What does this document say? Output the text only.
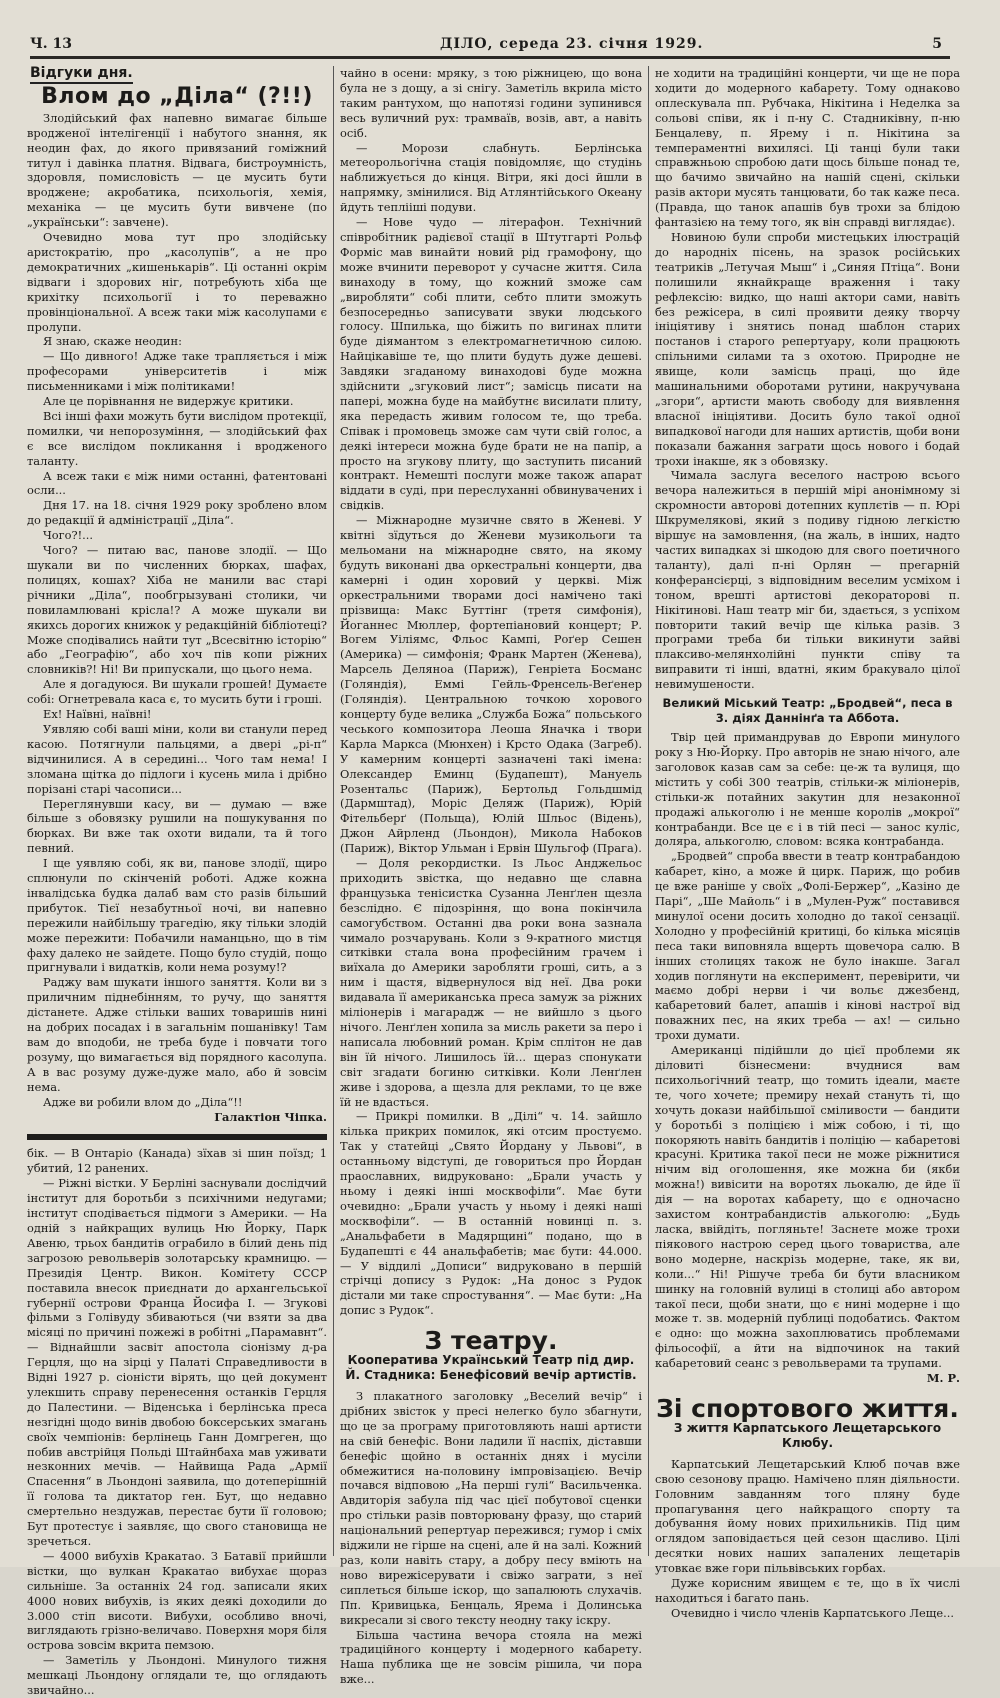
Ч. 13	ДІЛО, середа 23. січня 1929.	5
Відгуки дня.
Влом до „Діла“ (?!!)

Злодійський фах напевно вимагає більше вродженої інтелігенції і набутого знання, як неодин фах, до якого привязаний гоміжний титул і давінка платня. Відвага, бистроумність, здоровля, помисловість — це мусить бути вроджене; акробатика, психольогія, хемія, механіка — це мусить бути вивчене (по „українськи“: завчене).

Очевидно мова тут про злодійську аристократію, про „касолупів“, а не про демократичних „кишенькарів“. Ці останні окрім відваги і здорових ніг, потребують хіба ще крихітку психольогії і то переважно провінціональної. А всеж таки між касолупами є пролупи.

Я знаю, скаже неодин:

— Що дивного! Адже таке трапляється і між професорами університетів і між письменниками і між політиками!

Але це порівнання не видержує критики.

Всі інші фахи можуть бути вислідом протекції, помилки, чи непорозуміння, — злодійський фах є все вислідом покликання і вродженого таланту.

А всеж таки є між ними останні, фатентовані осли...

Дня 17. на 18. січня 1929 року зроблено влом до редакції й адміністрації „Діла“.

Чого?!...

Чого? — питаю вас, панове злодії. — Що шукали ви по численних бюрках, шафах, полицях, кошах? Хіба не манили вас старі річники „Діла“, пообгрызувані столики, чи повиламлювані крісла!? А може шукали ви якихсь дорогих книжок у редакційній бібліотеці? Може сподівались найти тут „Всесвітню історію“ або „Географію“, або хоч пів копи ріжних словників?! Ні! Ви припускали, що цього нема.

Але я догадуюся. Ви шукали грошей! Думаєте собі: Огнетревала каса є, то мусить бути і гроші.

Ех! Наївні, наївні!

Уявляю собі ваші міни, коли ви станули перед касою. Потягнули пальцями, а двері „рі-п“ відчинилися. А в середині... Чого там нема! І зломана щітка до підлоги і кусень мила і дрібно порізані старі часописи...

Переглянувши касу, ви — думаю — вже більше з обовязку рушили на пошукування по бюрках. Ви вже так охоти видали, та й того певний.

І ще уявляю собі, як ви, панове злодії, щиро сплюнули по скінченій роботі. Адже кожна інвалідська будка далаб вам сто разів більший прибуток. Тієї незабутньої ночі, ви напевно пережили найбільшу трагедію, яку тільки злодій може пережити: Побачили наманцьно, що в тім фаху далеко не зайдете. Пощо було студій, пощо пригнували і видатків, коли нема розуму!?

Раджу вам шукати іншого заняття. Коли ви з приличним піднебінням, то ручу, що заняття дістанете. Адже стільки ваших товаришів нині на добрих посадах і в загальнім пошанівку! Там вам до вподоби, не треба буде і повчати того розуму, що вимагається від порядного касолупа. А в вас розуму дуже-дуже мало, або й зовсім нема.

Адже ви робили влом до „Діла“!!

Галактіон Чіпка.

бік. — В Онтаріо (Канада) зїхав зі шин поїзд; 1 убитий, 12 ранених.

— Ріжні вістки. У Берліні заснували дослідчий інститут для боротьби з психічними недугами; інститут сподівається підмоги з Америки. — На одній з найкращих вулиць Ню Йорку, Парк Авеню, трьох бандитів ограбило в білий день під загрозою револьверів золотарську крамницю. — Президія Центр. Викон. Комітету СССР поставила внесок приєднати до архангельської губернії острови Франца Йосифа І. — Згукові фільми з Голівуду збиваються (чи взяти за два місяці по причині пожежі в робітні „Парамавнт“. — Віднайшли засвіт апостола сіонізму д-ра Герцля, що на зірці у Палаті Справедливости в Відні 1927 р. сіоністи вірять, що цей документ улекшить справу перенесення останків Герцля до Палестини. — Віденська і берлінська преса незгідні щодо винів двобою боксерських змагань своїх чемпіонів: берлінець Ганн Домгреген, що побив австрійця Польді Штайнбаха мав уживати незконних мечів. — Найвища Рада „Армії Спасення“ в Льондоні заявила, що дотеперішній її голова та диктатор ген. Бут, що недавно смертельно нездужав, перестає бути її головою; Бут протестує і заявляє, що свого становища не зречеться.

— 4000 вибухів Кракатао. З Батавії прийшли вістки, що вулкан Кракатао вибухає щораз сильніше. За останніх 24 год. записали яких 4000 нових вибухів, із яких деякі доходили до 3.000 стіп висоти. Вибухи, особливо вночі, виглядають грізно-величаво. Поверхня моря біля острова зовсім вкрита пемзою.

— Заметіль у Льондоні. Минулого тижня мешкаці Льондону оглядали те, що оглядають звичайно...

чайно в осени: мряку, з тою ріжницею, що вона була не з дощу, а зі снігу. Заметіль вкрила місто таким рантухом, що напотязі години зупинився весь вуличний рух: трамваїв, возів, авт, а навіть осіб.

— Морози слабнуть. Берлінська метеорольогічна стація повідомляє, що студінь наближується до кінця. Вітри, які досі йшли в напрямку, змінилися. Від Атлянтійського Океану йдуть теплііші подуви.

— Нове чудо — літерафон. Технічний співробітник радієвої стації в Штутгарті Рольф Форміс мав винайти новий рід грамофону, що може вчинити переворот у сучасне життя. Сила винаходу в тому, що кожний зможе сам „виробляти“ собі плити, себто плити зможуть безпосередньо записувати звуки людського голосу. Шпилька, що біжить по вигинах плити буде діямантом з електромагнетичною силою. Найцікавіше те, що плити будуть дуже дешеві. Завдяки згаданому винаходові буде можна здійснити „згуковий лист“; замісць писати на папері, можна буде на майбутнє висилати плиту, яка передасть живим голосом те, що треба. Співак і промовець зможе сам чути свій голос, а деякі інтереси можна буде брати не на папір, а просто на згукову плиту, що заступить писаний контракт. Немешті послуги може також апарат віддати в суді, при переслуханні обвинувачених і свідків.

— Міжнародне музичне свято в Женеві. У квітні зїдуться до Женеви музикольоги та мельомани на міжнародне свято, на якому будуть виконані два оркестральні концерти, два камерні і один хоровий у церкві. Між оркестральними творами досі намічено такі прізвища: Макс Буттінг (третя симфонія), Йоганнес Мюллер, фортепіановий концерт; Р. Вогем Уіліямс, Фльос Кампі, Роґер Сешен (Америка) — симфонія; Франк Мартен (Женева), Марсель Деляноа (Париж), Генріета Босманс (Голяндія), Еммі Гейль-Френсель-Веґенер (Голяндія). Центральною точкою хорового концерту буде велика „Служба Божа“ польського чеського композитора Леоша Яначка і твори Карла Маркса (Мюнхен) і Крсто Одака (Загреб). У камерним концерті зазначені такі імена: Олександер Еминц (Будапешт), Мануель Розентальс (Париж), Бертольд Гольдшмід (Дармштад), Моріс Деляж (Париж), Юрій Фітельберґ (Польща), Юлій Шльос (Відень), Джон Айрленд (Льондон), Микола Набоков (Париж), Віктор Ульман і Ервін Шульгоф (Прага).

— Доля рекордистки. Із Льос Анджельос приходить звістка, що недавно ще славна французька тенісистка Сузанна Ленґлен щезла безслідно. Є підозріння, що вона покінчила самогубством. Останні два роки вона зазнала чимало розчарувань. Коли з 9-кратного мистця ситківки стала вона професійним грачем і виїхала до Америки заробляти гроші, сить, а з ним і щастя, відвернулося від неї. Два роки видавала її американська преса замуж за ріжних міліонерів і магарадж — не вийшло з цього нічого. Ленґлен хопила за мисль ракети за перо і написала любовний роман. Крім сплітон не дав він їй нічого. Лишилось їй... щераз спонукати світ згадати богиню ситківки. Коли Ленґлен живе і здорова, а щезла для реклами, то це вже їй не вдасться.

— Прикрі помилки. В „Ділі“ ч. 14. зайшло кілька прикрих помилок, які отсим простуємо. Так у статейці „Свято Йордану у Львові“, в останньому відступі, де говориться про Йордан праославних, видруковано: „Брали участь у ньому і деякі інші москвофіли“. Має бути очевидно: „Брали участь у ньому і деякі наші москвофіли“. — В останній новинці п. з. „Анальфабети в Мадярщині“ подано, що в Будапешті є 44 анальфабетів; має бути: 44.000. — У віддилі „Дописи“ видруковано в першій стрічці допису з Рудок: „На донос з Рудок дістали ми таке спростування“. — Має бути: „На допис з Рудок“.

З театру.
Кооператива Український Театр під дир. Й. Стадника: Бенефісовий вечір артистів.

З плакатного заголовку „Веселий вечір“ і дрібних звісток у пресі нелегко було збагнути, що це за програму приготовляють наші артисти на свій бенефіс. Вони ладили її наспіх, діставши бенефіс щойно в останніх днях і мусіли обмежитися на-половину імпровізацією. Вечір почався відповою „На перші гулі“ Васильченка. Авдиторія забула під час цієї побутової сценки про стільки разів повторювану фразу, що старий національний репертуар пережився; гумор і сміх віджили не гірше на сцені, але й на залі. Кожний раз, коли навіть стару, а добру песу вміють на ново вирежісерувати і свіжо заграти, з неї сиплеться більше іскор, що запалюють слухачів. Пп. Кривицька, Бенцаль, Ярема і Долинська викресали зі свого тексту неодну таку іскру.

Більша частина вечора стояла на межі традиційного концерту і модерного кабарету. Наша публика ще не зовсім рішила, чи пора вже...

не ходити на традиційні концерти, чи ще не пора ходити до модерного кабарету. Тому однаково оплескувала пп. Рубчака, Нікітина і Неделка за сольові співи, як і п-ну С. Стадниківну, п-ню Бенцалеву, п. Ярему і п. Нікітина за темпераментні вихилясі. Ці танці були таки справжньою спробою дати щось більше понад те, що бачимо звичайно на нашій сцені, скільки разів актори мусять танцювати, бо так каже песа. (Правда, що танок апашів був трохи за блідою фантазією на тему того, як він справді виглядає).

Новиною були спроби мистецьких ілюстрацій до народніх пісень, на зразок російських театриків „Летучая Мыш“ і „Синяя Птіца“. Вони полишили якнайкраще враження і таку рефлексію: видко, що наші актори сами, навіть без режісера, в силі проявити деяку творчу ініціятиву і знятись понад шаблон старих постанов і старого репертуару, коли працюють спільними силами та з охотою. Природне не явище, коли замісць праці, що йде машинальними оборотами рутини, накручувана „згори“, артисти мають свободу для виявлення власної ініціятиви. Досить було такої одної випадкової нагоди для наших артистів, щоби вони показали бажання заграти щось нового і бодай трохи інакше, як з обовязку.

Чимала заслуга веселого настрою всього вечора належиться в першій мірі анонімному зі скромности авторові дотепних куплєтів — п. Юрі Шкрумеляковi, який з подиву гідною легкістю віршує на замовлення, (на жаль, в інших, надто частих випадках зі шкодою для свого поетичного таланту), далі п-ні Орлян — прегарній конферансієрці, з відповідним веселим усміхом і тоном, врешті артистові декораторові п. Нікітинові. Наш театр міг би, здається, з успіхом повторити такий вечір ще кілька разів. З програми треба би тільки викинути зайві плаксиво-мелянхолійні пункти співу та виправити ті інші, вдатні, яким бракувало цілої невимушености.

Великий Міський Театр: „Бродвей“, песа в 3. діях Даннінґа та Аббота.

Твір цей примандрував до Европи минулого року з Ню-Йорку. Про авторів не знаю нічого, але заголовок казав сам за себе: це-ж та вулиця, що містить у собі 300 театрів, стільки-ж міліонерів, стільки-ж потайних закутин для незаконної продажі алькоголю і не менше королів „мокрої“ контрабанди. Все це є і в тій песі — занос куліс, доляра, алькоголю, словом: всяка контрабанда.

„Бродвей“ спроба ввести в театр контрабандою кабарет, кіно, а може й цирк. Париж, що робив це вже раніше у своїх „Фолі-Бержер“, „Казіно де Парі“, „Ше Майоль“ і в „Мулен-Руж“ поставився минулої осени досить холодно до такої сензації. Холодно у професійній критиці, бо кілька місяців песа таки виповняла вщерть щовечора салю. В інших столицях також не було інакше. Загал ходив поглянути на експеримент, перевірити, чи маємо добрі нерви і чи вольє джезбенд, кабаретовий балет, апашів і кінові настрої від поважних пес, на яких треба — ах! — сильно трохи думати.

Американці підійшли до цієї проблеми як діловиті бізнесмени: вчуднися вам психольогічний театр, що томить ідеали, маєте те, чого хочете; премиру нехай стануть ті, що хочуть докази найбільшої сміливости — бандити у боротьбі з поліцією і між собою, і ті, що покоряють навіть бандитів і поліцію — кабаретові красуні. Критика такої песи не може ріжнитися нічим від оголошення, яке можна би (якби можна!) вивісити на воротях льокалю, де йде її дія — на воротах кабарету, що є одночасно захистом контрабандистів алькоголю: „Будь ласка, ввійдіть, погляньте! Заснете може трохи піякового настрою серед цього товариства, але воно модерне, наскрізь модерне, таке, як ви, коли...“ Ні! Рішуче треба би бути власником шинку на головній вулиці в столиці або автором такої песи, щоби знати, що є нині модерне і що може т. зв. модерній публиці подобатись. Фактом є одно: що можна захоплюватись проблемами фільософії, а йти на відпочинок на такий кабаретовий сеанс з револьверами та трупами.

М. Р.

Зі спортового життя.
З життя Карпатського Лещетарського Клюбу.

Карпатський Лещетарський Клюб почав вже свою сезонову працю. Намічено плян діяльности. Головним завданням того пляну буде пропагування цего найкращого спорту та добування йому нових прихильників. Під цим оглядом заповідається цей сезон щасливо. Цілі десятки нових наших запалених лещетарів утовкає вже гори пільвівських горбах.

Дуже корисним явищем є те, що в їх числі находиться і багато пань.

Очевидно і число членів Карпатського Леще...
